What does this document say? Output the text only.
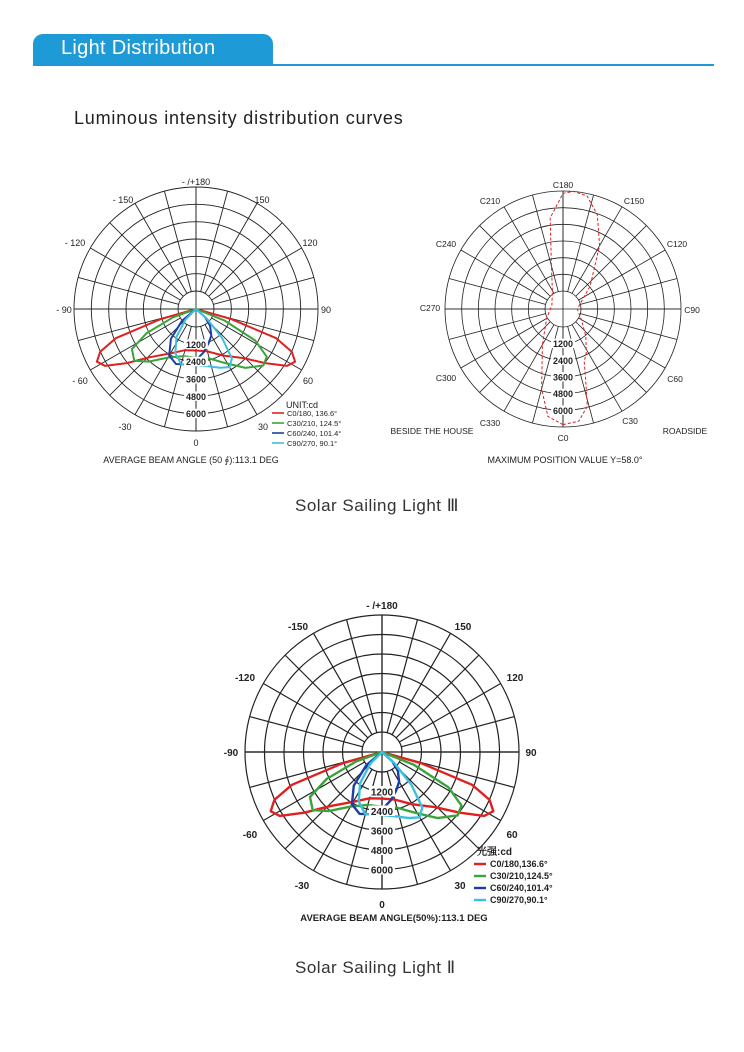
Light Distribution
Luminous intensity distribution curves
1200
2400
3600
4800
6000
- /+180
- 150	150
- 120	120
- 90	90
- 60	60
-30	30
0
UNIT:cd
C0/180, 136.6°
C30/210, 124.5°
C60/240, 101.4°
C90/270, 90.1°
AVERAGE BEAM ANGLE (50 ∮):113.1 DEG
1200
2400
3600
4800
6000
C180
C150
C120
C90
C60
C30
C0
C330
C300
C270
C240
C210
BESIDE THE HOUSE	ROADSIDE
MAXIMUM POSITION VALUE Y=58.0°
1200
2400
3600
4800
6000
- /+180
-150	150
-120	120
-90	90
-60	60
-30	30
0
光强:cd
C0/180,136.6°
C30/210,124.5°
C60/240,101.4°
C90/270,90.1°
AVERAGE BEAM ANGLE(50%):113.1 DEG
Solar Sailing Light Ⅲ
Solar Sailing Light Ⅱ
